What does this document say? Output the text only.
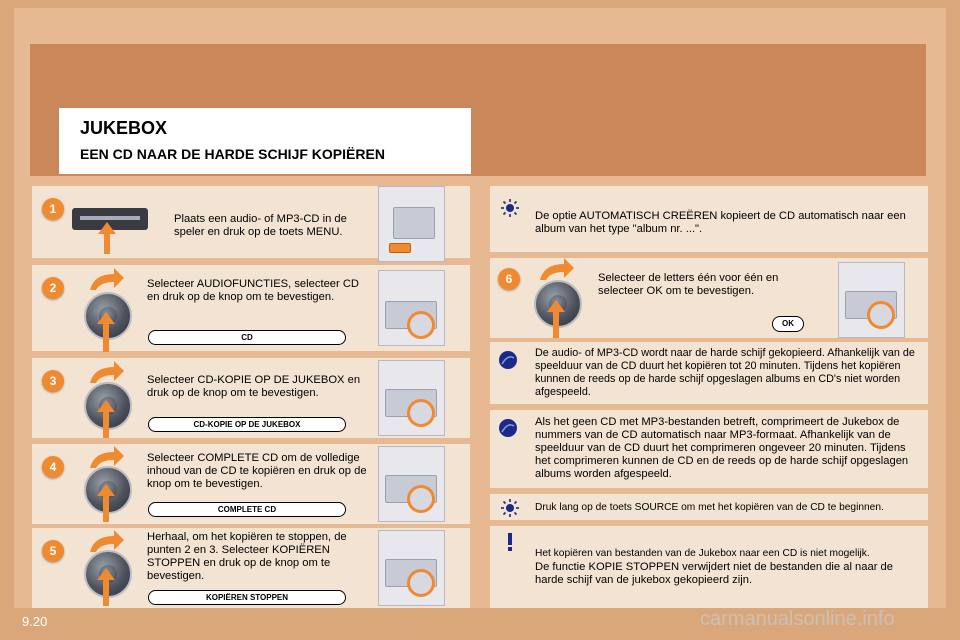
JUKEBOX
EEN CD NAAR DE HARDE SCHIJF KOPIËREN
1
Plaats een audio- of MP3-CD in de speler en druk op de toets MENU.
2	Selecteer AUDIOFUNCTIES, selecteer CD en druk op de knop om te bevestigen.
CD
3	Selecteer CD-KOPIE OP DE JUKEBOX en druk op de knop om te bevestigen.
CD-KOPIE OP DE JUKEBOX
4
Selecteer COMPLETE CD om de volledige inhoud van de CD te kopiëren en druk op de knop om te bevestigen.
COMPLETE CD
5
Herhaal, om het kopiëren te stoppen, de punten 2 en 3. Selecteer KOPIËREN STOPPEN en druk op de knop om te bevestigen.
KOPIËREN STOPPEN
De optie AUTOMATISCH CREËREN kopieert de CD automatisch naar een album van het type "album nr. ...".
6	Selecteer de letters één voor één en selecteer OK om te bevestigen.
OK
De audio- of MP3-CD wordt naar de harde schijf gekopieerd. Afhankelijk van de speelduur van de CD duurt het kopiëren tot 20 minuten. Tijdens het kopiëren kunnen de reeds op de harde schijf opgeslagen albums en CD's niet worden afgespeeld.
Als het geen CD met MP3-bestanden betreft, comprimeert de Jukebox de nummers van de CD automatisch naar MP3-formaat. Afhankelijk van de speelduur van de CD duurt het comprimeren ongeveer 20 minuten. Tijdens het comprimeren kunnen de CD en de reeds op de harde schijf opgeslagen albums worden afgespeeld.
Druk lang op de toets SOURCE om met het kopiëren van de CD te beginnen.
Het kopiëren van bestanden van de Jukebox naar een CD is niet mogelijk.
De functie KOPIE STOPPEN verwijdert niet de bestanden die al naar de harde schijf van de jukebox gekopieerd zijn.
9.20	carmanualsonline.info
